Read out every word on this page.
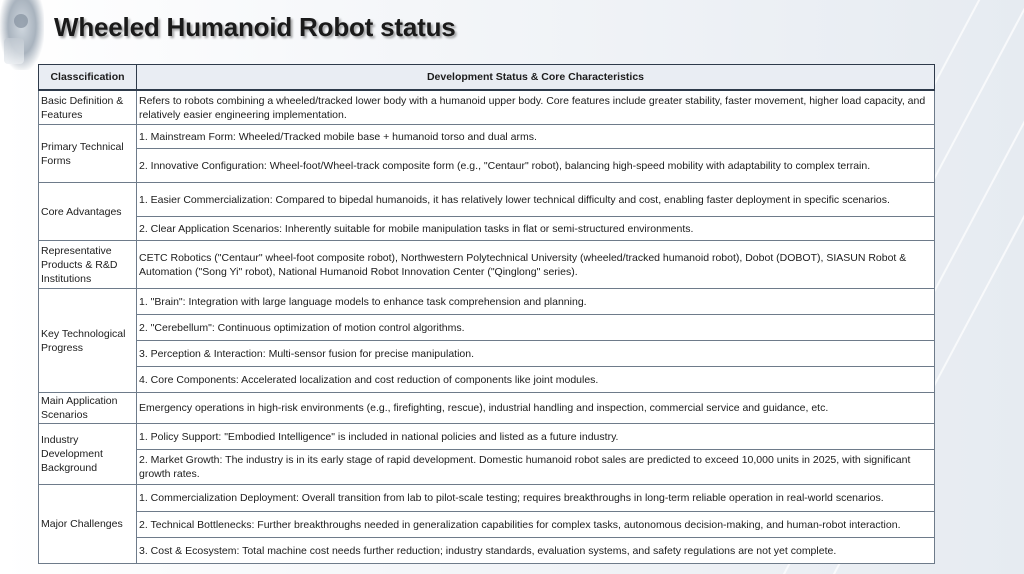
Wheeled Humanoid Robot status
Classcification	Development Status & Core Characteristics
Basic Definition & Features	Refers to robots combining a wheeled/tracked lower body with a humanoid upper body. Core features include greater stability, faster movement, higher load capacity, and relatively easier engineering implementation.
Primary Technical Forms	1. Mainstream Form: Wheeled/Tracked mobile base + humanoid torso and dual arms.
	2. Innovative Configuration: Wheel-foot/Wheel-track composite form (e.g., "Centaur" robot), balancing high-speed mobility with adaptability to complex terrain.
Core Advantages	1. Easier Commercialization: Compared to bipedal humanoids, it has relatively lower technical difficulty and cost, enabling faster deployment in specific scenarios.
	2. Clear Application Scenarios: Inherently suitable for mobile manipulation tasks in flat or semi-structured environments.
Representative Products & R&D Institutions	CETC Robotics ("Centaur" wheel-foot composite robot), Northwestern Polytechnical University (wheeled/tracked humanoid robot), Dobot (DOBOT), SIASUN Robot & Automation ("Song Yi" robot), National Humanoid Robot Innovation Center ("Qinglong" series).
Key Technological Progress	1. "Brain": Integration with large language models to enhance task comprehension and planning.
	2. "Cerebellum": Continuous optimization of motion control algorithms.
	3. Perception & Interaction: Multi-sensor fusion for precise manipulation.
	4. Core Components: Accelerated localization and cost reduction of components like joint modules.
Main Application Scenarios	Emergency operations in high-risk environments (e.g., firefighting, rescue), industrial handling and inspection, commercial service and guidance, etc.
Industry Development Background	1. Policy Support: "Embodied Intelligence" is included in national policies and listed as a future industry.
	2. Market Growth: The industry is in its early stage of rapid development. Domestic humanoid robot sales are predicted to exceed 10,000 units in 2025, with significant growth rates.
Major Challenges	1. Commercialization Deployment: Overall transition from lab to pilot-scale testing; requires breakthroughs in long-term reliable operation in real-world scenarios.
	2. Technical Bottlenecks: Further breakthroughs needed in generalization capabilities for complex tasks, autonomous decision-making, and human-robot interaction.
	3. Cost & Ecosystem: Total machine cost needs further reduction; industry standards, evaluation systems, and safety regulations are not yet complete.
